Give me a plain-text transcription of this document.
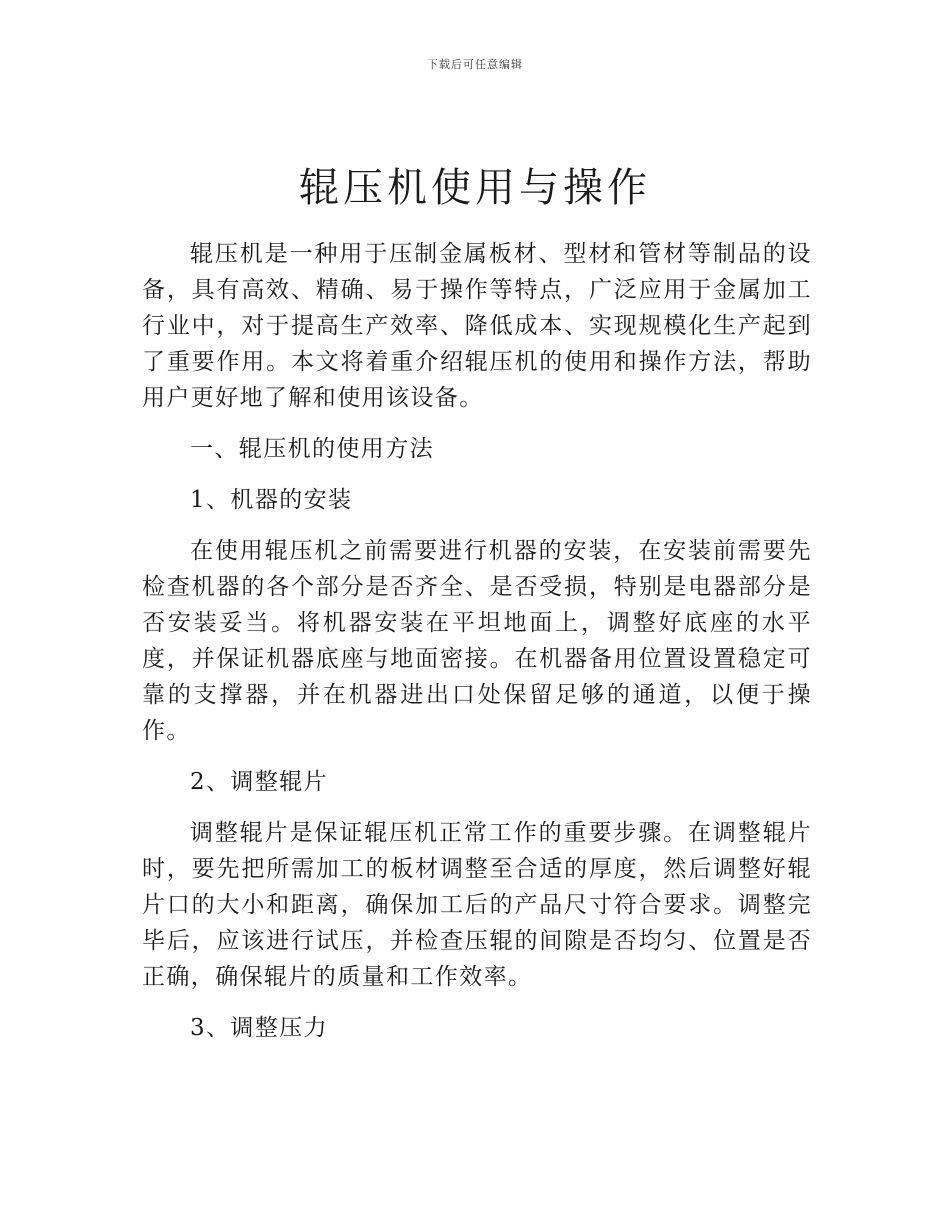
下载后可任意编辑
辊压机使用与操作

辊压机是一种用于压制金属板材、型材和管材等制品的设备，具有高效、精确、易于操作等特点，广泛应用于金属加工行业中，对于提高生产效率、降低成本、实现规模化生产起到了重要作用。本文将着重介绍辊压机的使用和操作方法，帮助用户更好地了解和使用该设备。

一、辊压机的使用方法

1、机器的安装

在使用辊压机之前需要进行机器的安装，在安装前需要先检查机器的各个部分是否齐全、是否受损，特别是电器部分是否安装妥当。将机器安装在平坦地面上，调整好底座的水平度，并保证机器底座与地面密接。在机器备用位置设置稳定可靠的支撑器，并在机器进出口处保留足够的通道，以便于操作。

2、调整辊片

调整辊片是保证辊压机正常工作的重要步骤。在调整辊片时，要先把所需加工的板材调整至合适的厚度，然后调整好辊片口的大小和距离，确保加工后的产品尺寸符合要求。调整完毕后，应该进行试压，并检查压辊的间隙是否均匀、位置是否正确，确保辊片的质量和工作效率。

3、调整压力
